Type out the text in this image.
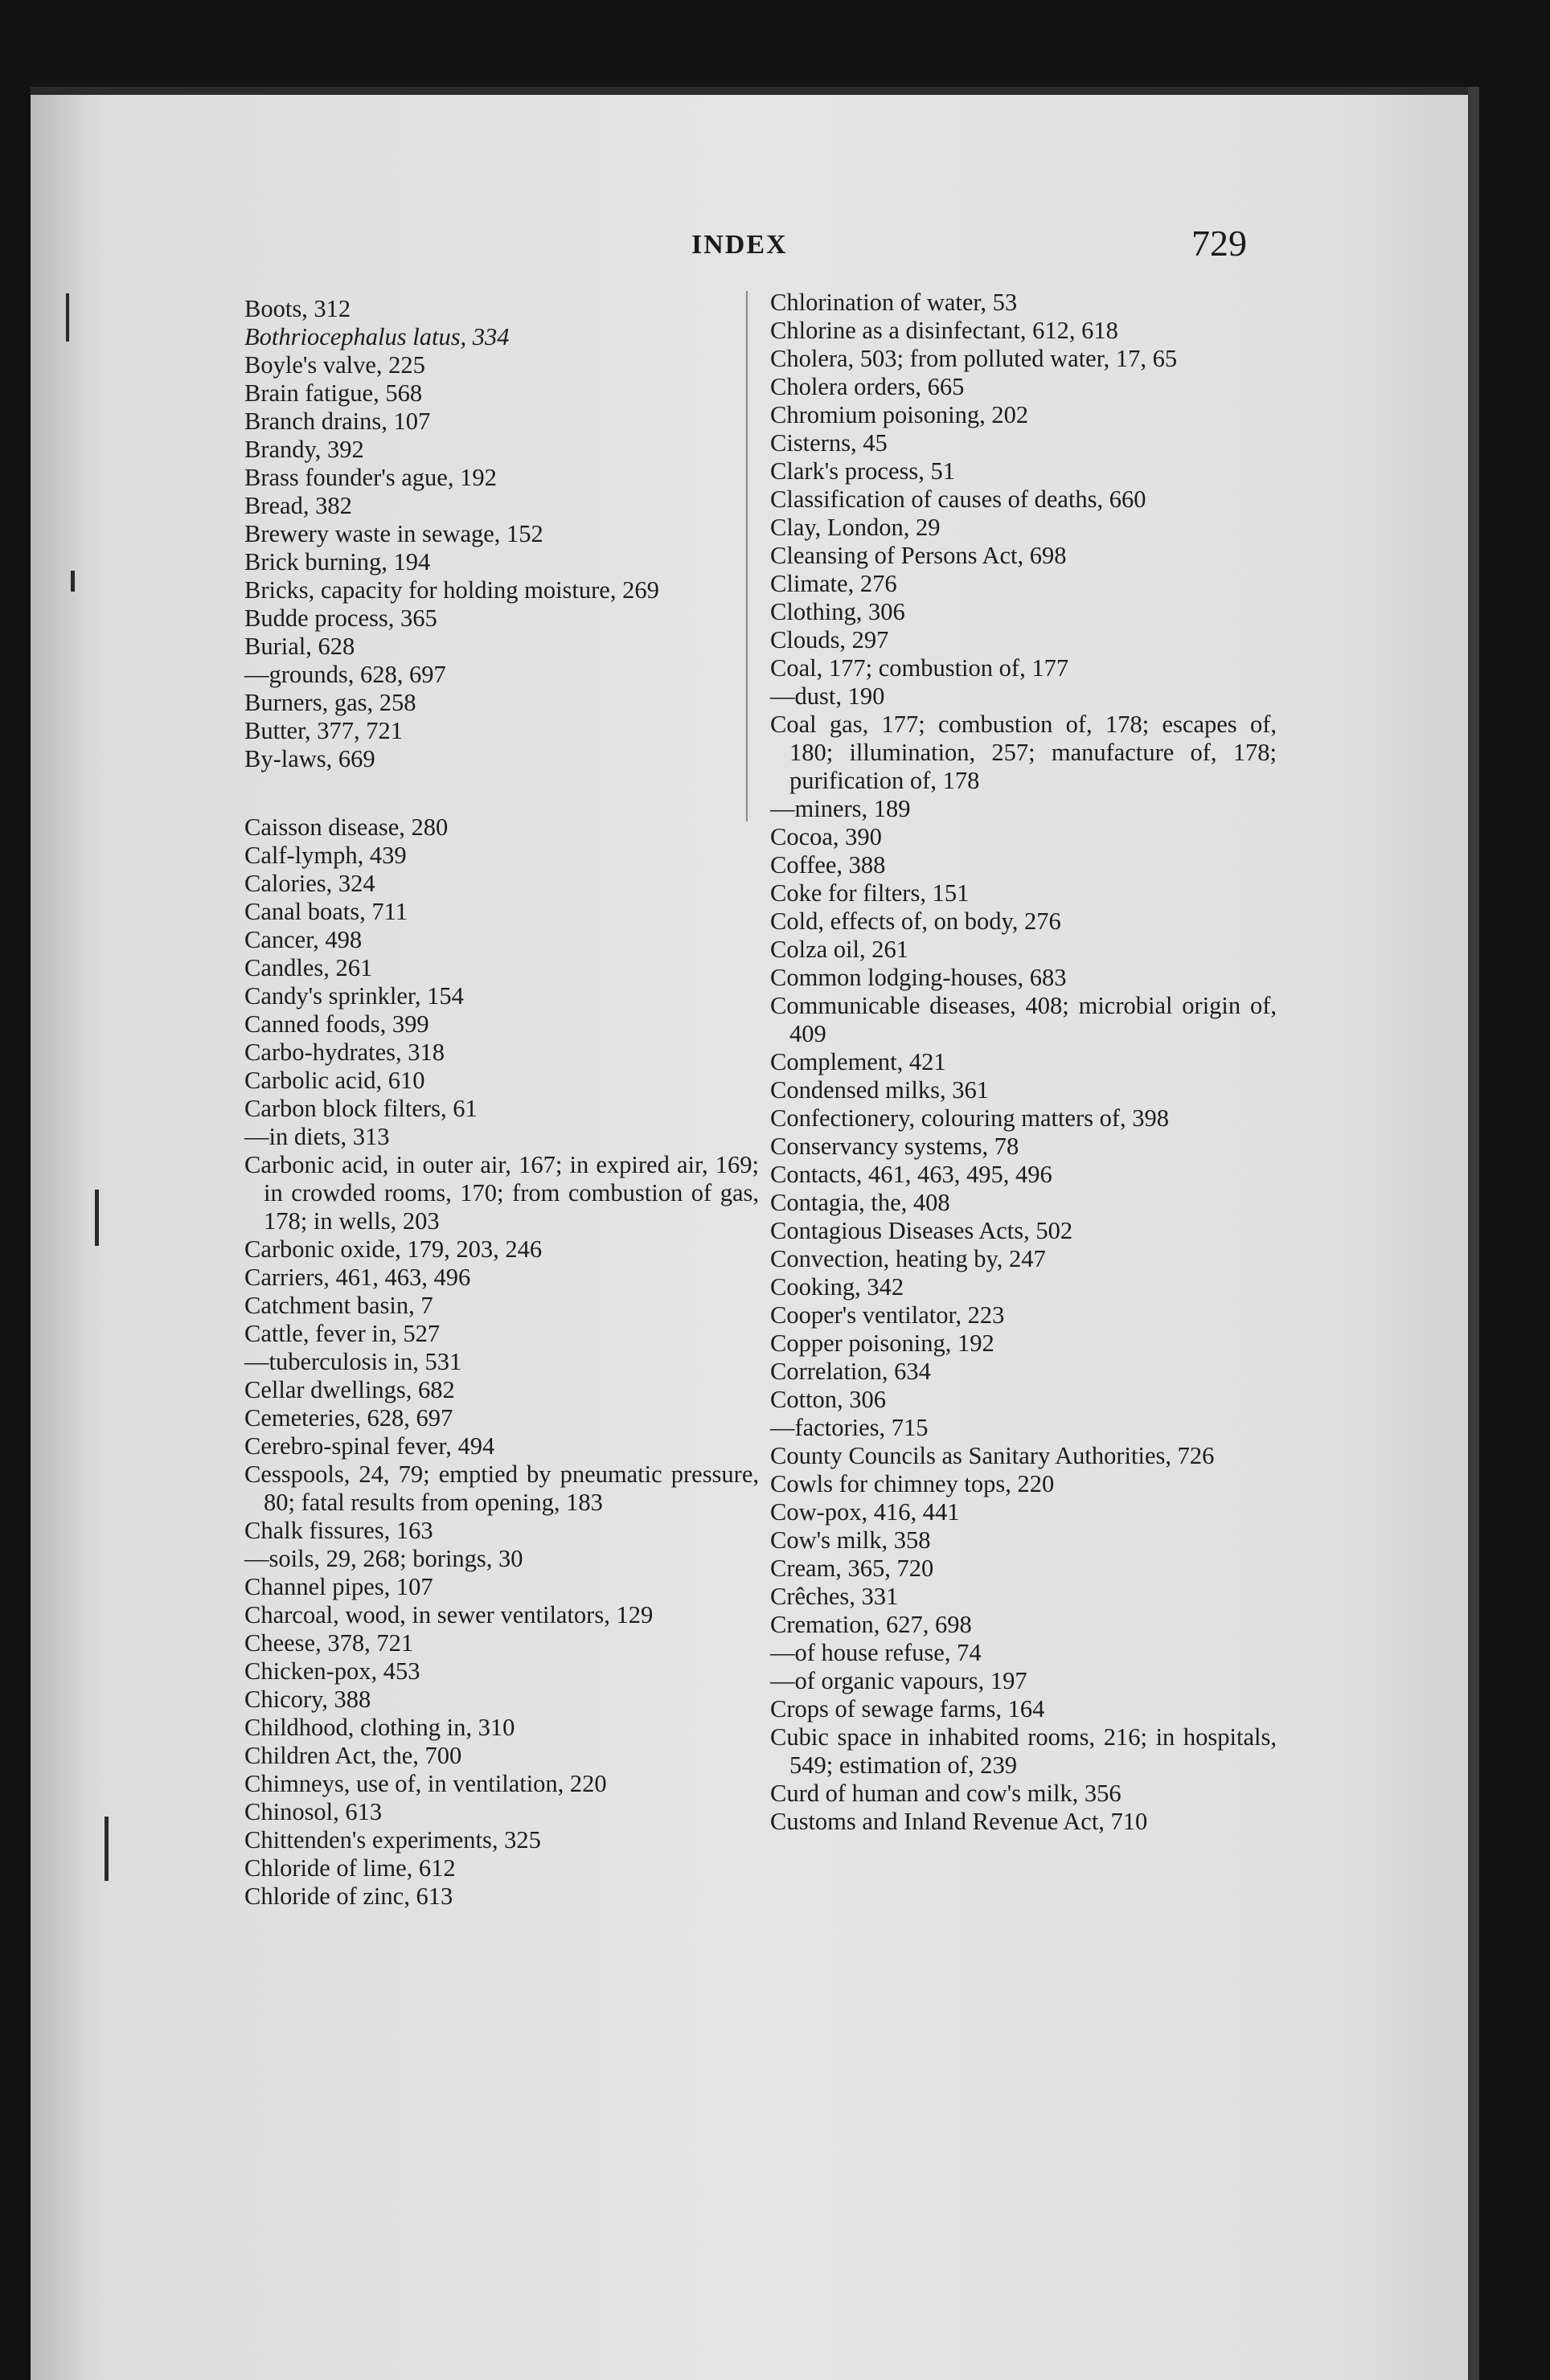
INDEX	729
Boots, 312
Bothriocephalus latus, 334
Boyle's valve, 225
Brain fatigue, 568
Branch drains, 107
Brandy, 392
Brass founder's ague, 192
Bread, 382
Brewery waste in sewage, 152
Brick burning, 194
Bricks, capacity for holding moisture, 269
Budde process, 365
Burial, 628
—grounds, 628, 697
Burners, gas, 258
Butter, 377, 721
By-laws, 669
Caisson disease, 280
Calf-lymph, 439
Calories, 324
Canal boats, 711
Cancer, 498
Candles, 261
Candy's sprinkler, 154
Canned foods, 399
Carbo-hydrates, 318
Carbolic acid, 610
Carbon block filters, 61
—in diets, 313
Carbonic acid, in outer air, 167; in expired air, 169; in crowded rooms, 170; from combustion of gas, 178; in wells, 203
Carbonic oxide, 179, 203, 246
Carriers, 461, 463, 496
Catchment basin, 7
Cattle, fever in, 527
—tuberculosis in, 531
Cellar dwellings, 682
Cemeteries, 628, 697
Cerebro-spinal fever, 494
Cesspools, 24, 79; emptied by pneumatic pressure, 80; fatal results from opening, 183
Chalk fissures, 163
—soils, 29, 268; borings, 30
Channel pipes, 107
Charcoal, wood, in sewer ventilators, 129
Cheese, 378, 721
Chicken-pox, 453
Chicory, 388
Childhood, clothing in, 310
Children Act, the, 700
Chimneys, use of, in ventilation, 220
Chinosol, 613
Chittenden's experiments, 325
Chloride of lime, 612
Chloride of zinc, 613
Chlorination of water, 53
Chlorine as a disinfectant, 612, 618
Cholera, 503; from polluted water, 17, 65
Cholera orders, 665
Chromium poisoning, 202
Cisterns, 45
Clark's process, 51
Classification of causes of deaths, 660
Clay, London, 29
Cleansing of Persons Act, 698
Climate, 276
Clothing, 306
Clouds, 297
Coal, 177; combustion of, 177
—dust, 190
Coal gas, 177; combustion of, 178; escapes of, 180; illumination, 257; manufacture of, 178; purification of, 178
—miners, 189
Cocoa, 390
Coffee, 388
Coke for filters, 151
Cold, effects of, on body, 276
Colza oil, 261
Common lodging-houses, 683
Communicable diseases, 408; microbial origin of, 409
Complement, 421
Condensed milks, 361
Confectionery, colouring matters of, 398
Conservancy systems, 78
Contacts, 461, 463, 495, 496
Contagia, the, 408
Contagious Diseases Acts, 502
Convection, heating by, 247
Cooking, 342
Cooper's ventilator, 223
Copper poisoning, 192
Correlation, 634
Cotton, 306
—factories, 715
County Councils as Sanitary Authorities, 726
Cowls for chimney tops, 220
Cow-pox, 416, 441
Cow's milk, 358
Cream, 365, 720
Crêches, 331
Cremation, 627, 698
—of house refuse, 74
—of organic vapours, 197
Crops of sewage farms, 164
Cubic space in inhabited rooms, 216; in hospitals, 549; estimation of, 239
Curd of human and cow's milk, 356
Customs and Inland Revenue Act, 710
